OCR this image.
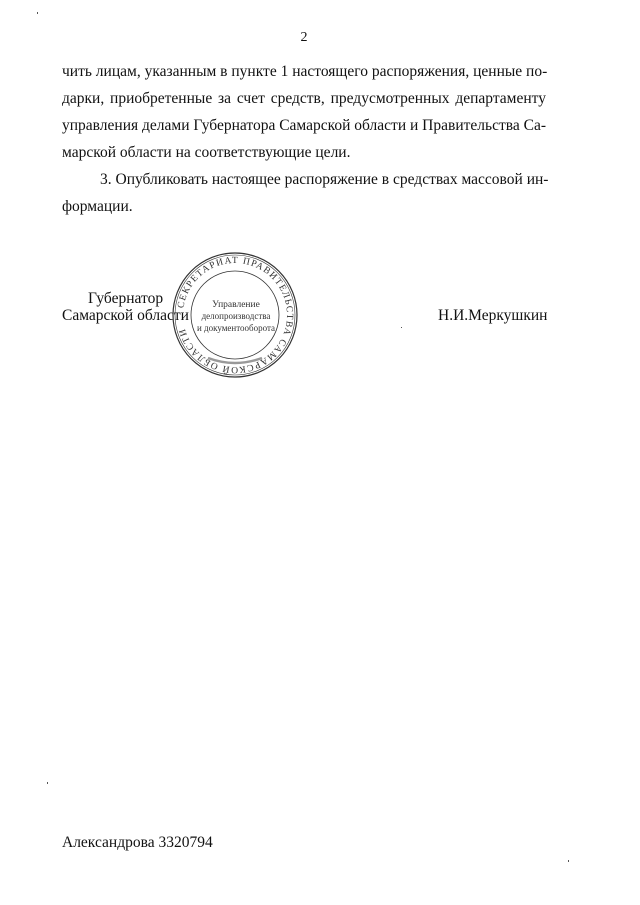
2

чить лицам, указанным в пункте 1 настоящего распоряжения, ценные по-
дарки, приобретенные за счет средств, предусмотренных департаменту
управления делами Губернатора Самарской области и Правительства Са-
марской области на соответствующие цели.

3. Опубликовать настоящее распоряжение в средствах массовой ин-
формации.

Губернатор
Самарской области	Н.И.Меркушкин
СЕКРЕТАРИАТ ПРАВИТЕЛЬСТВА САМАРСКОЙ ОБЛАСТИ
Управление
делопроизводства
и документооборота
Александрова 3320794
